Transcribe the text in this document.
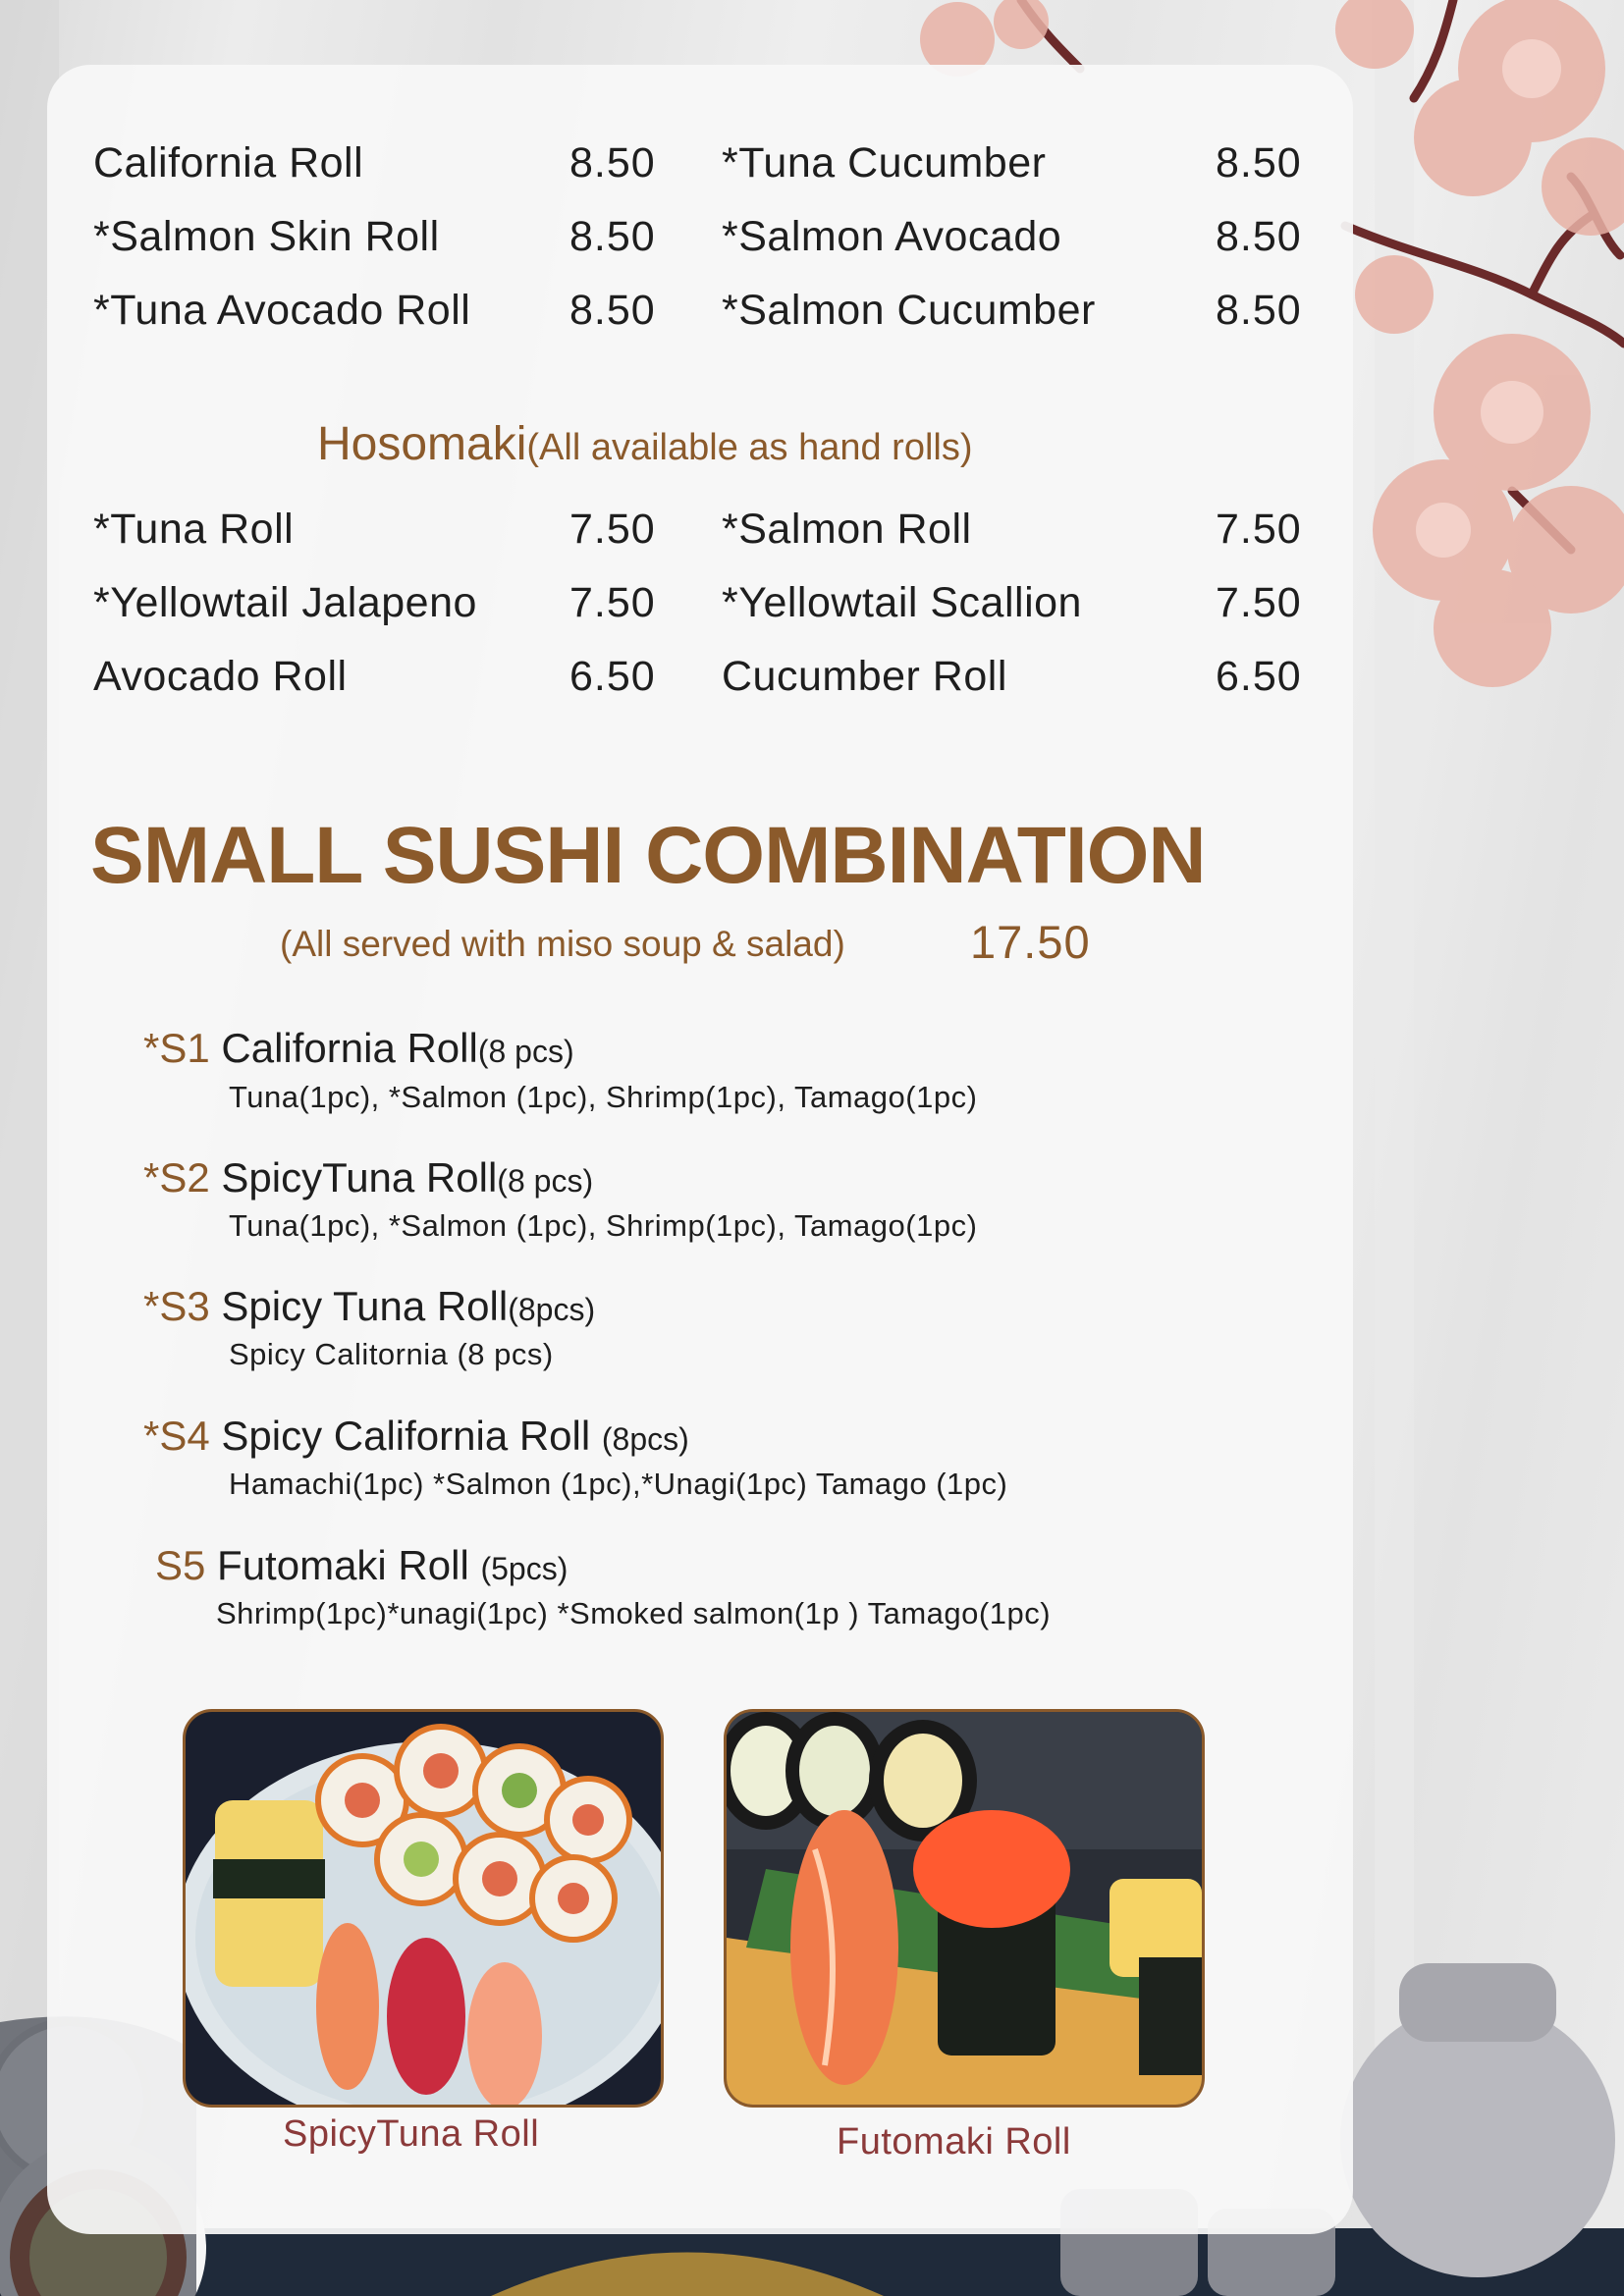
California Roll	8.50 *Tuna Cucumber	8.50
*Salmon Skin Roll	8.50 *Salmon Avocado	8.50
*Tuna Avocado Roll 8.50 *Salmon Cucumber	8.50
Hosomaki(All available as hand rolls)
*Tuna Roll	7.50 *Salmon Roll	7.50
*Yellowtail Jalapeno 7.50 *Yellowtail Scallion	7.50
Avocado Roll	6.50 Cucumber Roll	6.50
SMALL SUSHI COMBINATION
(All served with miso soup & salad)	17.50
*S1 California Roll(8 pcs)
Tuna(1pc), *Salmon (1pc), Shrimp(1pc), Tamago(1pc)
*S2 SpicyTuna Roll(8 pcs)
Tuna(1pc), *Salmon (1pc), Shrimp(1pc), Tamago(1pc)
*S3 Spicy Tuna Roll(8pcs)
Spicy Calitornia (8 pcs)
*S4 Spicy California Roll (8pcs)
Hamachi(1pc) *Salmon (1pc),*Unagi(1pc) Tamago (1pc)
S5 Futomaki Roll (5pcs)
Shrimp(1pc)*unagi(1pc) *Smoked salmon(1p ) Tamago(1pc)
SpicyTuna Roll	Futomaki Roll
